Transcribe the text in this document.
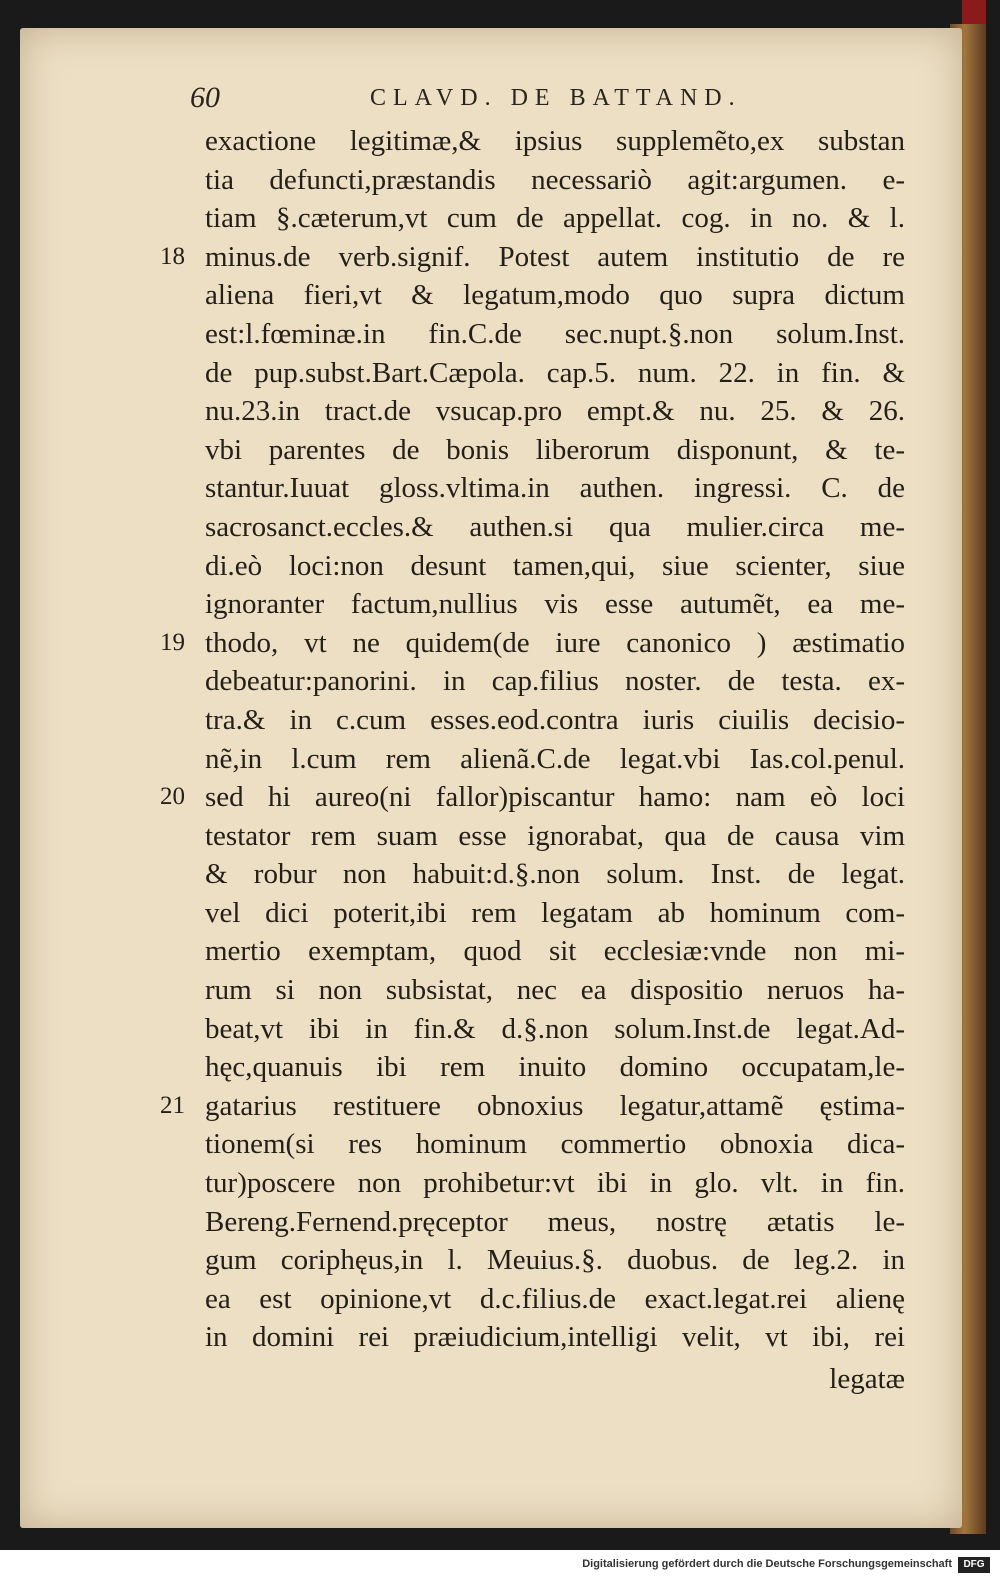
60	CLAVD. DE BATTAND.
exactione legitimæ,& ipsius supplemẽto,ex substan
tia defuncti,præstandis necessariò agit:argumen. e-
tiam §.cæterum,vt cum de appellat. cog. in no. & l.
18 minus.de verb.signif. Potest autem institutio de re
aliena fieri,vt & legatum,modo quo supra dictum
est:l.fœminæ.in fin.C.de sec.nupt.§.non solum.Inst.
de pup.subst.Bart.Cæpola. cap.5. num. 22. in fin. &
nu.23.in tract.de vsucap.pro empt.& nu. 25. & 26.
vbi parentes de bonis liberorum disponunt, & te-
stantur.Iuuat gloss.vltima.in authen. ingressi. C. de
sacrosanct.eccles.& authen.si qua mulier.circa me-
di.eò loci:non desunt tamen,qui, siue scienter, siue
ignoranter factum,nullius vis esse autumẽt, ea me-
19 thodo, vt ne quidem(de iure canonico ) æstimatio
debeatur:panorini. in cap.filius noster. de testa. ex-
tra.& in c.cum esses.eod.contra iuris ciuilis decisio-
nẽ,in l.cum rem alienã.C.de legat.vbi Ias.col.penul.
20 sed hi aureo(ni fallor)piscantur hamo: nam eò loci
testator rem suam esse ignorabat, qua de causa vim
& robur non habuit:d.§.non solum. Inst. de legat.
vel dici poterit,ibi rem legatam ab hominum com-
mertio exemptam, quod sit ecclesiæ:vnde non mi-
rum si non subsistat, nec ea dispositio neruos ha-
beat,vt ibi in fin.& d.§.non solum.Inst.de legat.Ad-
hęc,quanuis ibi rem inuito domino occupatam,le-
21 gatarius restituere obnoxius legatur,attamẽ ęstima-
tionem(si res hominum commertio obnoxia dica-
tur)poscere non prohibetur:vt ibi in glo. vlt. in fin.
Bereng.Fernend.pręceptor meus, nostrę ætatis le-
gum coriphęus,in l. Meuius.§. duobus. de leg.2. in
ea est opinione,vt d.c.filius.de exact.legat.rei alienę
in domini rei præiudicium,intelligi velit, vt ibi, rei
legatæ
Digitalisierung gefördert durch die Deutsche Forschungsgemeinschaft	DFG
